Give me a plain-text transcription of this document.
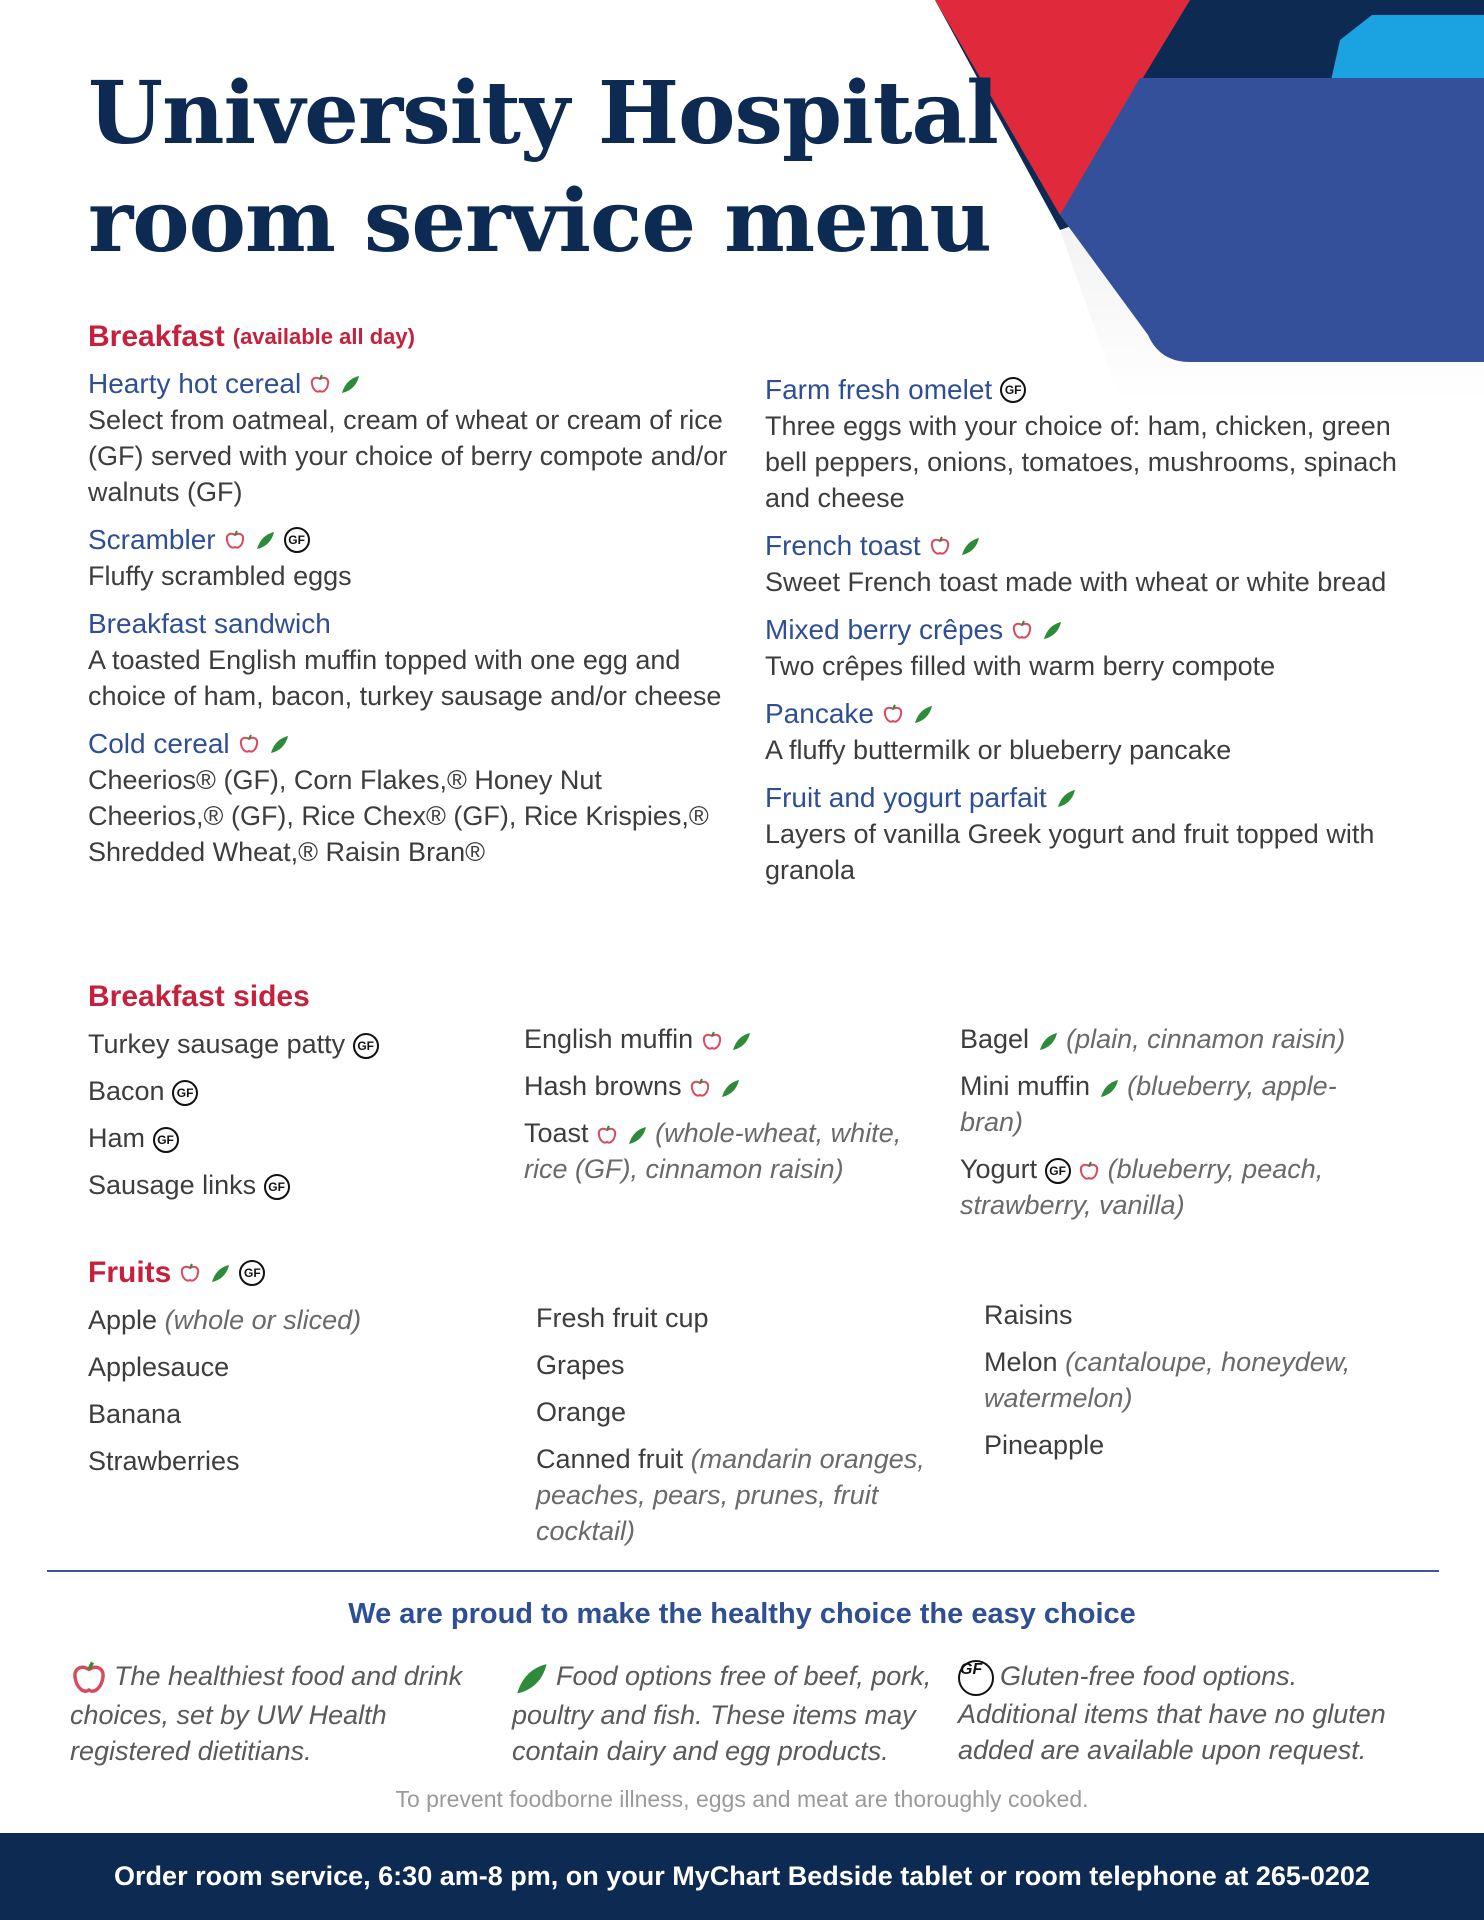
University Hospital
room service menu
Breakfast (available all day)
Hearty hot cereal
Select from oatmeal, cream of wheat or cream of rice (GF) served with your choice of berry compote and/or walnuts (GF)
Scrambler	GF
Fluffy scrambled eggs
Breakfast sandwich
A toasted English muffin topped with one egg and choice of ham, bacon, turkey sausage and/or cheese
Cold cereal
Cheerios® (GF), Corn Flakes,® Honey Nut Cheerios,® (GF), Rice Chex® (GF), Rice Krispies,® Shredded Wheat,® Raisin Bran®
Farm fresh omelet	GF
Three eggs with your choice of: ham, chicken, green bell peppers, onions, tomatoes, mushrooms, spinach and cheese
French toast
Sweet French toast made with wheat or white bread
Mixed berry crêpes
Two crêpes filled with warm berry compote
Pancake
A fluffy buttermilk or blueberry pancake
Fruit and yogurt parfait
Layers of vanilla Greek yogurt and fruit topped with granola
Breakfast sides
Turkey sausage patty GF
Bacon GF
Ham GF
Sausage links GF
English muffin
Hash browns
Toast (whole-wheat, white, rice (GF), cinnamon raisin)
Bagel (plain, cinnamon raisin)
Mini muffin (blueberry, apple-bran)
Yogurt GF (blueberry, peach, strawberry, vanilla)
Fruits	GF
Apple (whole or sliced)
Applesauce
Banana
Strawberries
Fresh fruit cup
Grapes
Orange
Canned fruit (mandarin oranges, peaches, pears, prunes, fruit cocktail)
Raisins
Melon (cantaloupe, honeydew, watermelon)
Pineapple
We are proud to make the healthy choice the easy choice
The healthiest food and drink choices, set by UW Health registered dietitians.
Food options free of beef, pork, poultry and fish. These items may contain dairy and egg products.
GF Gluten-free food options. Additional items that have no gluten added are available upon request.
To prevent foodborne illness, eggs and meat are thoroughly cooked.
Order room service, 6:30 am-8 pm, on your MyChart Bedside tablet or room telephone at 265-0202
